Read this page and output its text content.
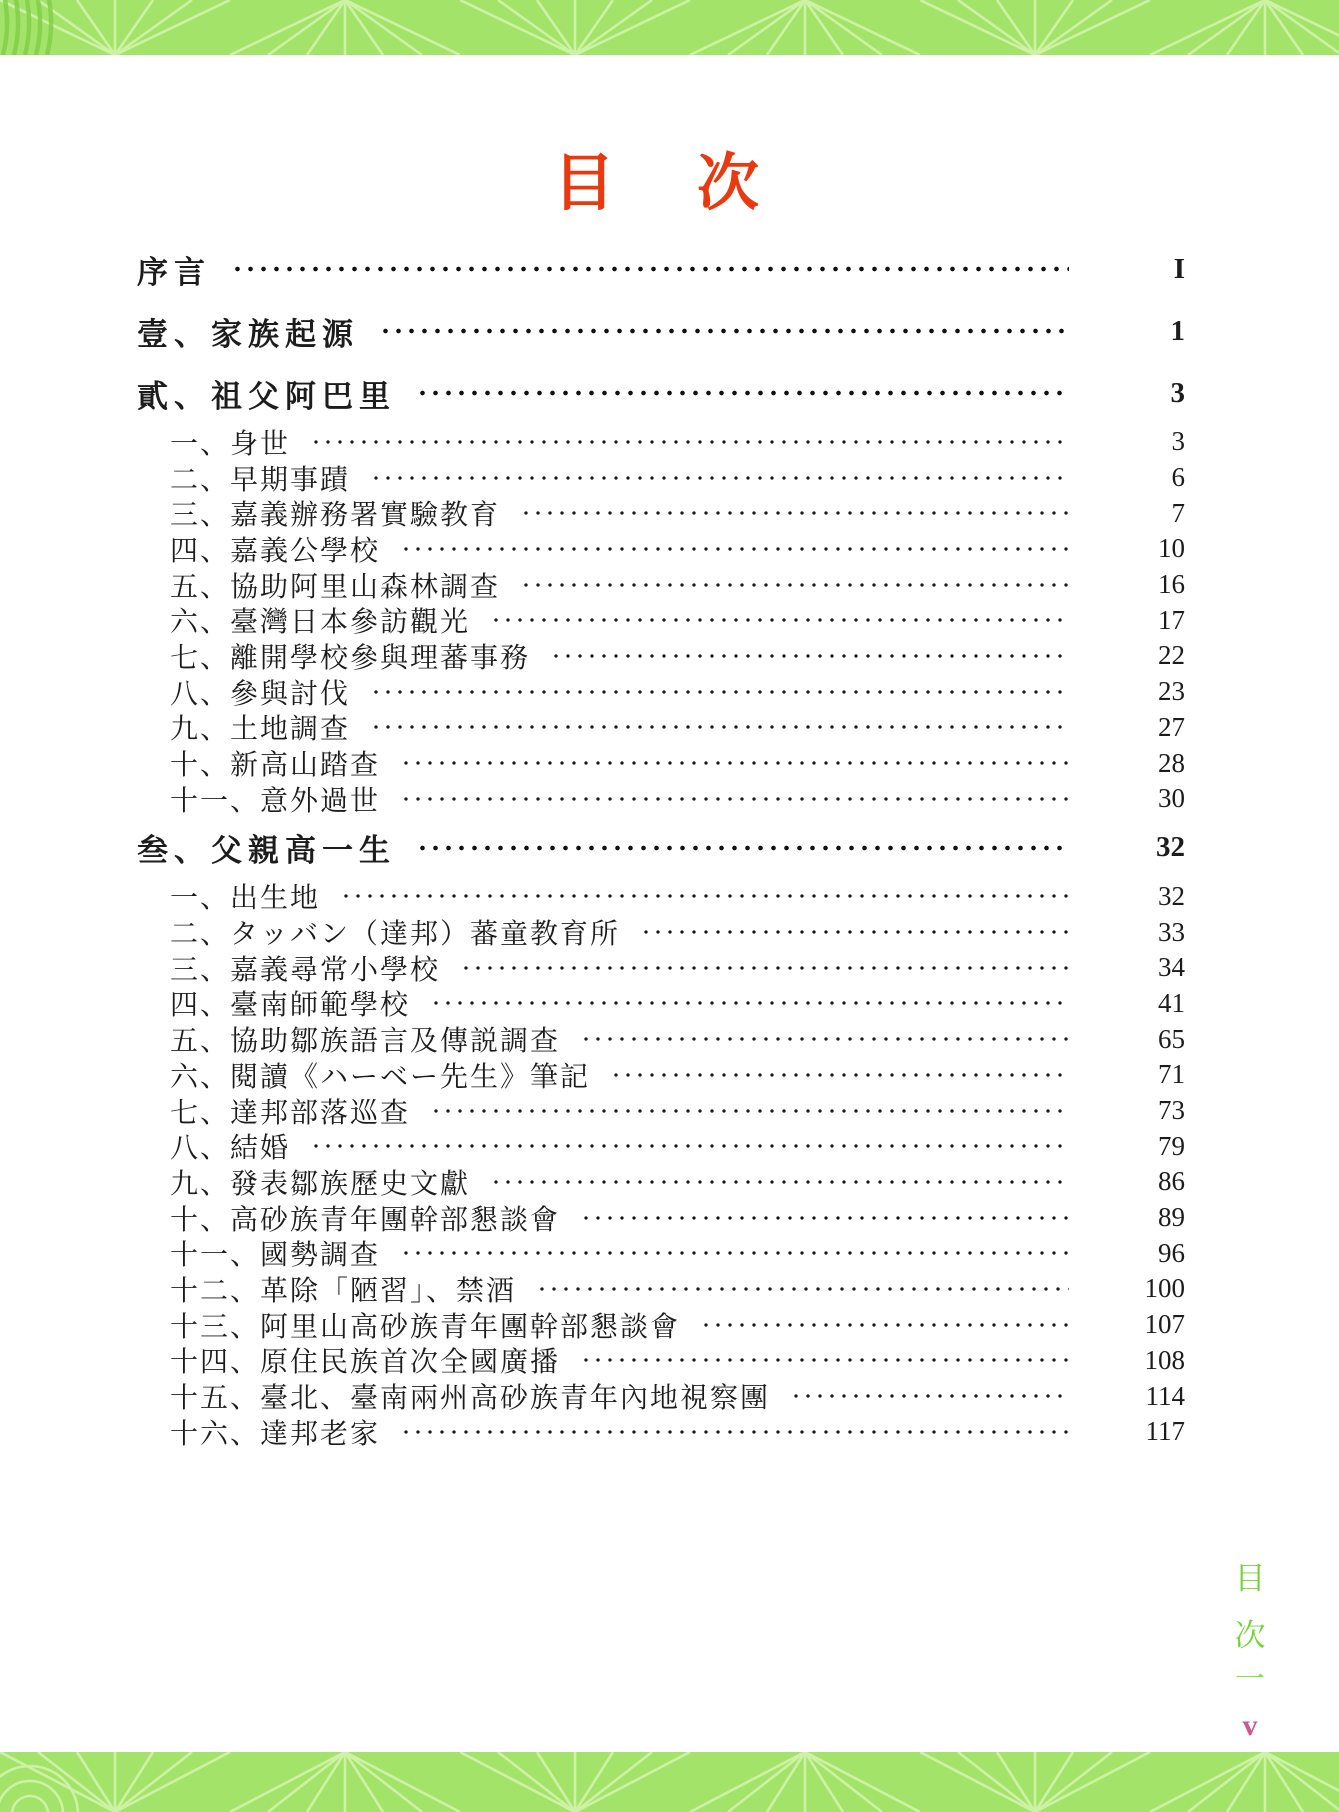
目　次
序言	I
壹、家族起源	1
貳、祖父阿巴里	3
一、身世	3
二、早期事蹟	6
三、嘉義辦務署實驗教育	7
四、嘉義公學校	10
五、協助阿里山森林調查	16
六、臺灣日本參訪觀光	17
七、離開學校參與理蕃事務	22
八、參與討伐	23
九、土地調查	27
十、新高山踏查	28
十一、意外過世	30
叁、父親高一生	32
一、出生地	32
二、タッバン（達邦）蕃童教育所	33
三、嘉義尋常小學校	34
四、臺南師範學校	41
五、協助鄒族語言及傳説調查	65
六、閱讀《ハーベー先生》筆記	71
七、達邦部落巡查	73
八、結婚	79
九、發表鄒族歷史文獻	86
十、高砂族青年團幹部懇談會	89
十一、國勢調查	96
十二、革除「陋習」、禁酒	100
十三、阿里山高砂族青年團幹部懇談會	107
十四、原住民族首次全國廣播	108
十五、臺北、臺南兩州高砂族青年內地視察團	114
十六、達邦老家	117
目
次
一
v
